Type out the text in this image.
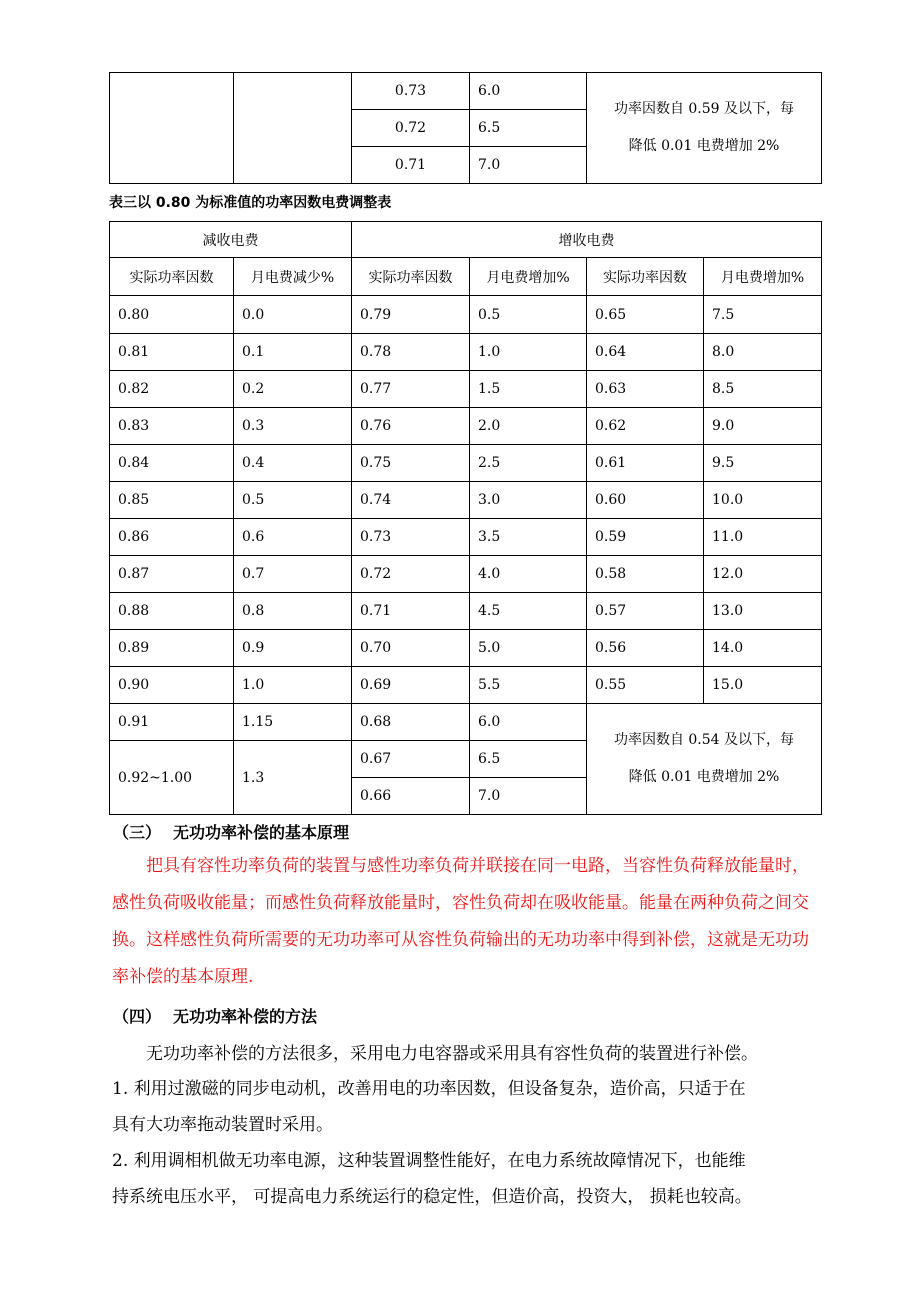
		0.73	6.0	功率因数自 0.59 及以下，每
降低 0.01 电费增加 2%
		0.72	6.5	
		0.71	7.0	
表三以 0.80 为标准值的功率因数电费调整表
减收电费		增收电费			
实际功率因数	月电费减少%	实际功率因数	月电费增加%	实际功率因数	月电费增加%
0.80	0.0	0.79	0.5	0.65	7.5
0.81	0.1	0.78	1.0	0.64	8.0
0.82	0.2	0.77	1.5	0.63	8.5
0.83	0.3	0.76	2.0	0.62	9.0
0.84	0.4	0.75	2.5	0.61	9.5
0.85	0.5	0.74	3.0	0.60	10.0
0.86	0.6	0.73	3.5	0.59	11.0
0.87	0.7	0.72	4.0	0.58	12.0
0.88	0.8	0.71	4.5	0.57	13.0
0.89	0.9	0.70	5.0	0.56	14.0
0.90	1.0	0.69	5.5	0.55	15.0
0.91	1.15	0.68	6.0	功率因数自 0.54 及以下，每
降低 0.01 电费增加 2%	
0.92~1.00	1.3	0.67	6.5		
		0.66	7.0		
（三） 无功功率补偿的基本原理

把具有容性功率负荷的装置与感性功率负荷并联接在同一电路，当容性负荷释放能量时，感性负荷吸收能量；而感性负荷释放能量时，容性负荷却在吸收能量。能量在两种负荷之间交换。这样感性负荷所需要的无功功率可从容性负荷输出的无功功率中得到补偿，这就是无功功率补偿的基本原理.

（四） 无功功率补偿的方法
无功功率补偿的方法很多，采用电力电容器或采用具有容性负荷的装置进行补偿。
1. 利用过激磁的同步电动机，改善用电的功率因数，但设备复杂，造价高，只适于在
具有大功率拖动装置时采用。
2. 利用调相机做无功率电源，这种装置调整性能好，在电力系统故障情况下，也能维
持系统电压水平， 可提高电力系统运行的稳定性，但造价高，投资大， 损耗也较高。
